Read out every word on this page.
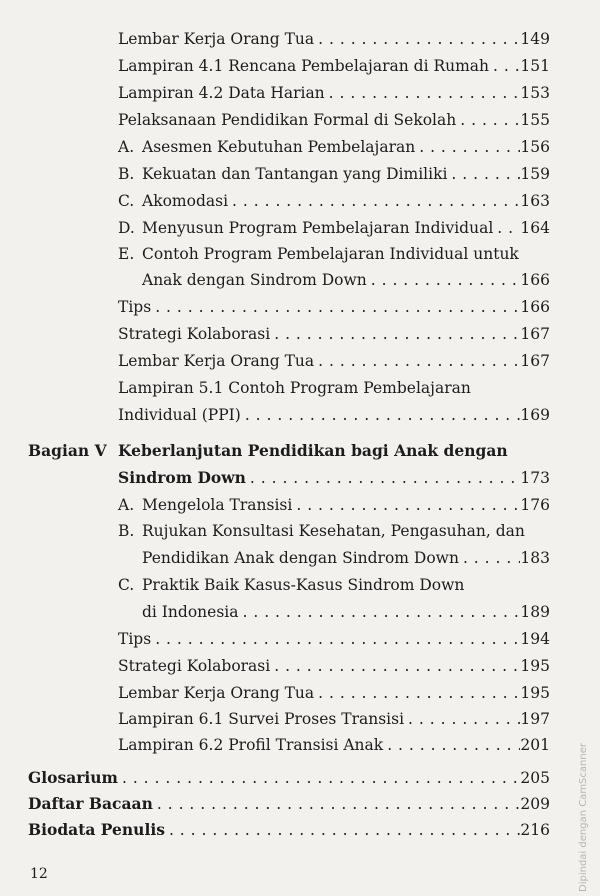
Lembar Kerja Orang Tua . . .	149
Lampiran 4.1 Rencana Pembelajaran di Rumah . . . 151
Lampiran 4.2 Data Harian . . .	153
Pelaksanaan Pendidikan Formal di Sekolah . . .	155
A. Asesmen Kebutuhan Pembelajaran . . .	156
B. Kekuatan dan Tantangan yang Dimiliki . . .	159
C. Akomodasi . . .	163
D. Menyusun Program Pembelajaran Individual . . . 164
E. Contoh Program Pembelajaran Individual untuk
Anak dengan Sindrom Down . . .	166
Tips . . .	166
Strategi Kolaborasi . . .	167
Lembar Kerja Orang Tua . . .	167
Lampiran 5.1 Contoh Program Pembelajaran
Individual (PPI) . . .	169
Bagian V Keberlanjutan Pendidikan bagi Anak dengan
Sindrom Down . . .	173
A. Mengelola Transisi . . .	176
B. Rujukan Konsultasi Kesehatan, Pengasuhan, dan
Pendidikan Anak dengan Sindrom Down . . .	183
C. Praktik Baik Kasus-Kasus Sindrom Down
di Indonesia . . .	189
Tips . . .	194
Strategi Kolaborasi . . .	195
Lembar Kerja Orang Tua . . .	195
Lampiran 6.1 Survei Proses Transisi . . .	197
Lampiran 6.2 Profil Transisi Anak . . .	201
Glosarium . . .	205
Daftar Bacaan . . .	209
Biodata Penulis . . .	216
12	Dipindai dengan CamScanner
